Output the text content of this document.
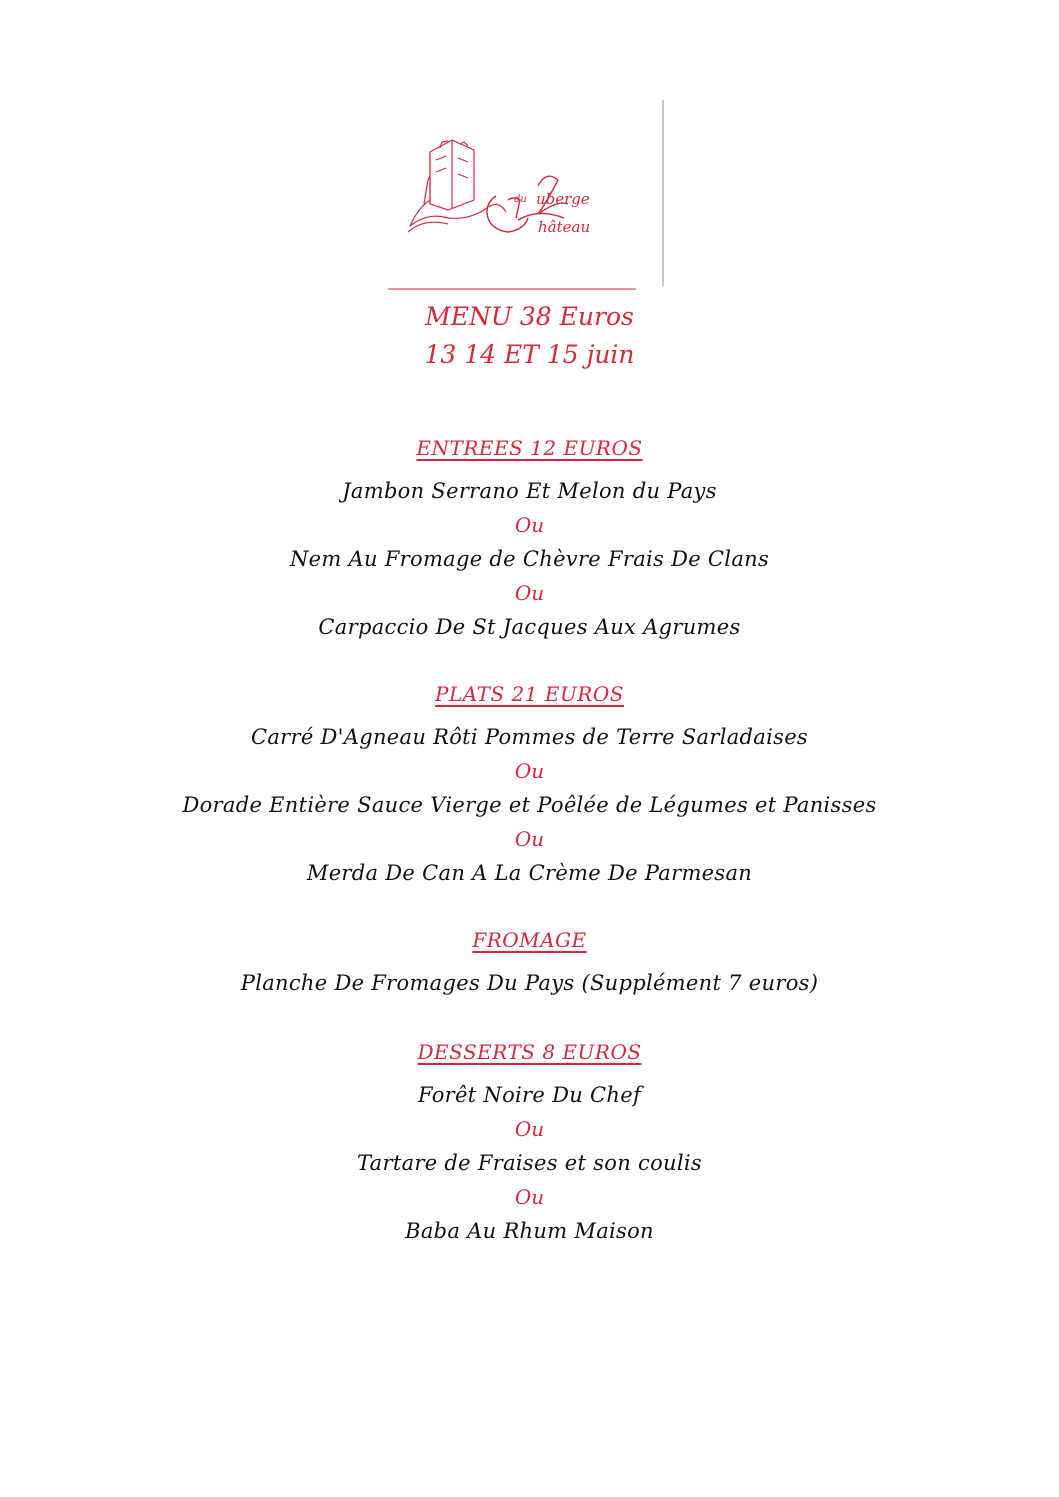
uberge
du
hâteau
MENU 38 Euros
13 14 ET 15 juin
ENTREES 12 EUROS
Jambon Serrano Et Melon du Pays
Ou
Nem Au Fromage de Chèvre Frais De Clans
Ou
Carpaccio De St Jacques Aux Agrumes
PLATS 21 EUROS
Carré D'Agneau Rôti Pommes de Terre Sarladaises
Ou
Dorade Entière Sauce Vierge et Poêlée de Légumes et Panisses
Ou
Merda De Can A La Crème De Parmesan
FROMAGE
Planche De Fromages Du Pays (Supplément 7 euros)
DESSERTS 8 EUROS
Forêt Noire Du Chef
Ou
Tartare de Fraises et son coulis
Ou
Baba Au Rhum Maison
